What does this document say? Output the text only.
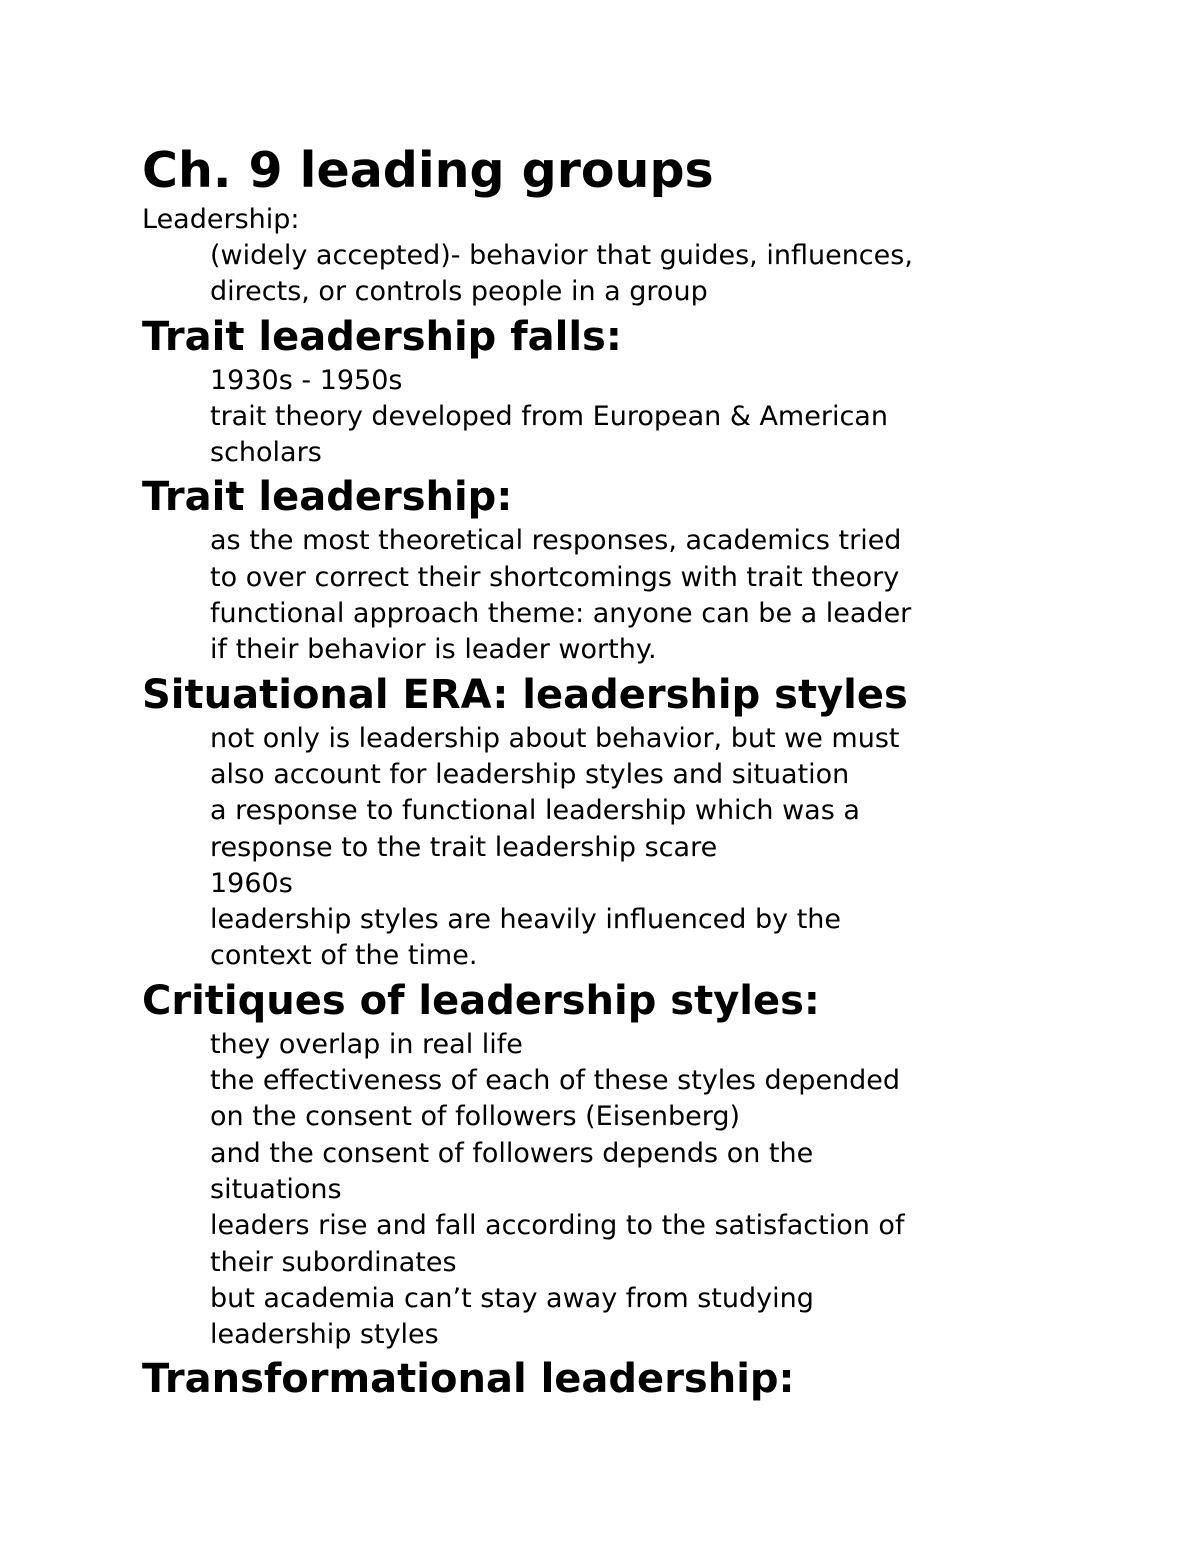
Ch. 9 leading groups

Leadership:

(widely accepted)- behavior that guides, influences,

directs, or controls people in a group

Trait leadership falls:

1930s - 1950s

trait theory developed from European & American

scholars

Trait leadership:

as the most theoretical responses, academics tried

to over correct their shortcomings with trait theory

functional approach theme: anyone can be a leader

if their behavior is leader worthy.

Situational ERA: leadership styles

not only is leadership about behavior, but we must

also account for leadership styles and situation

a response to functional leadership which was a

response to the trait leadership scare

1960s

leadership styles are heavily influenced by the

context of the time.

Critiques of leadership styles:

they overlap in real life

the effectiveness of each of these styles depended

on the consent of followers (Eisenberg)

and the consent of followers depends on the

situations

leaders rise and fall according to the satisfaction of

their subordinates

but academia can’t stay away from studying

leadership styles

Transformational leadership:
